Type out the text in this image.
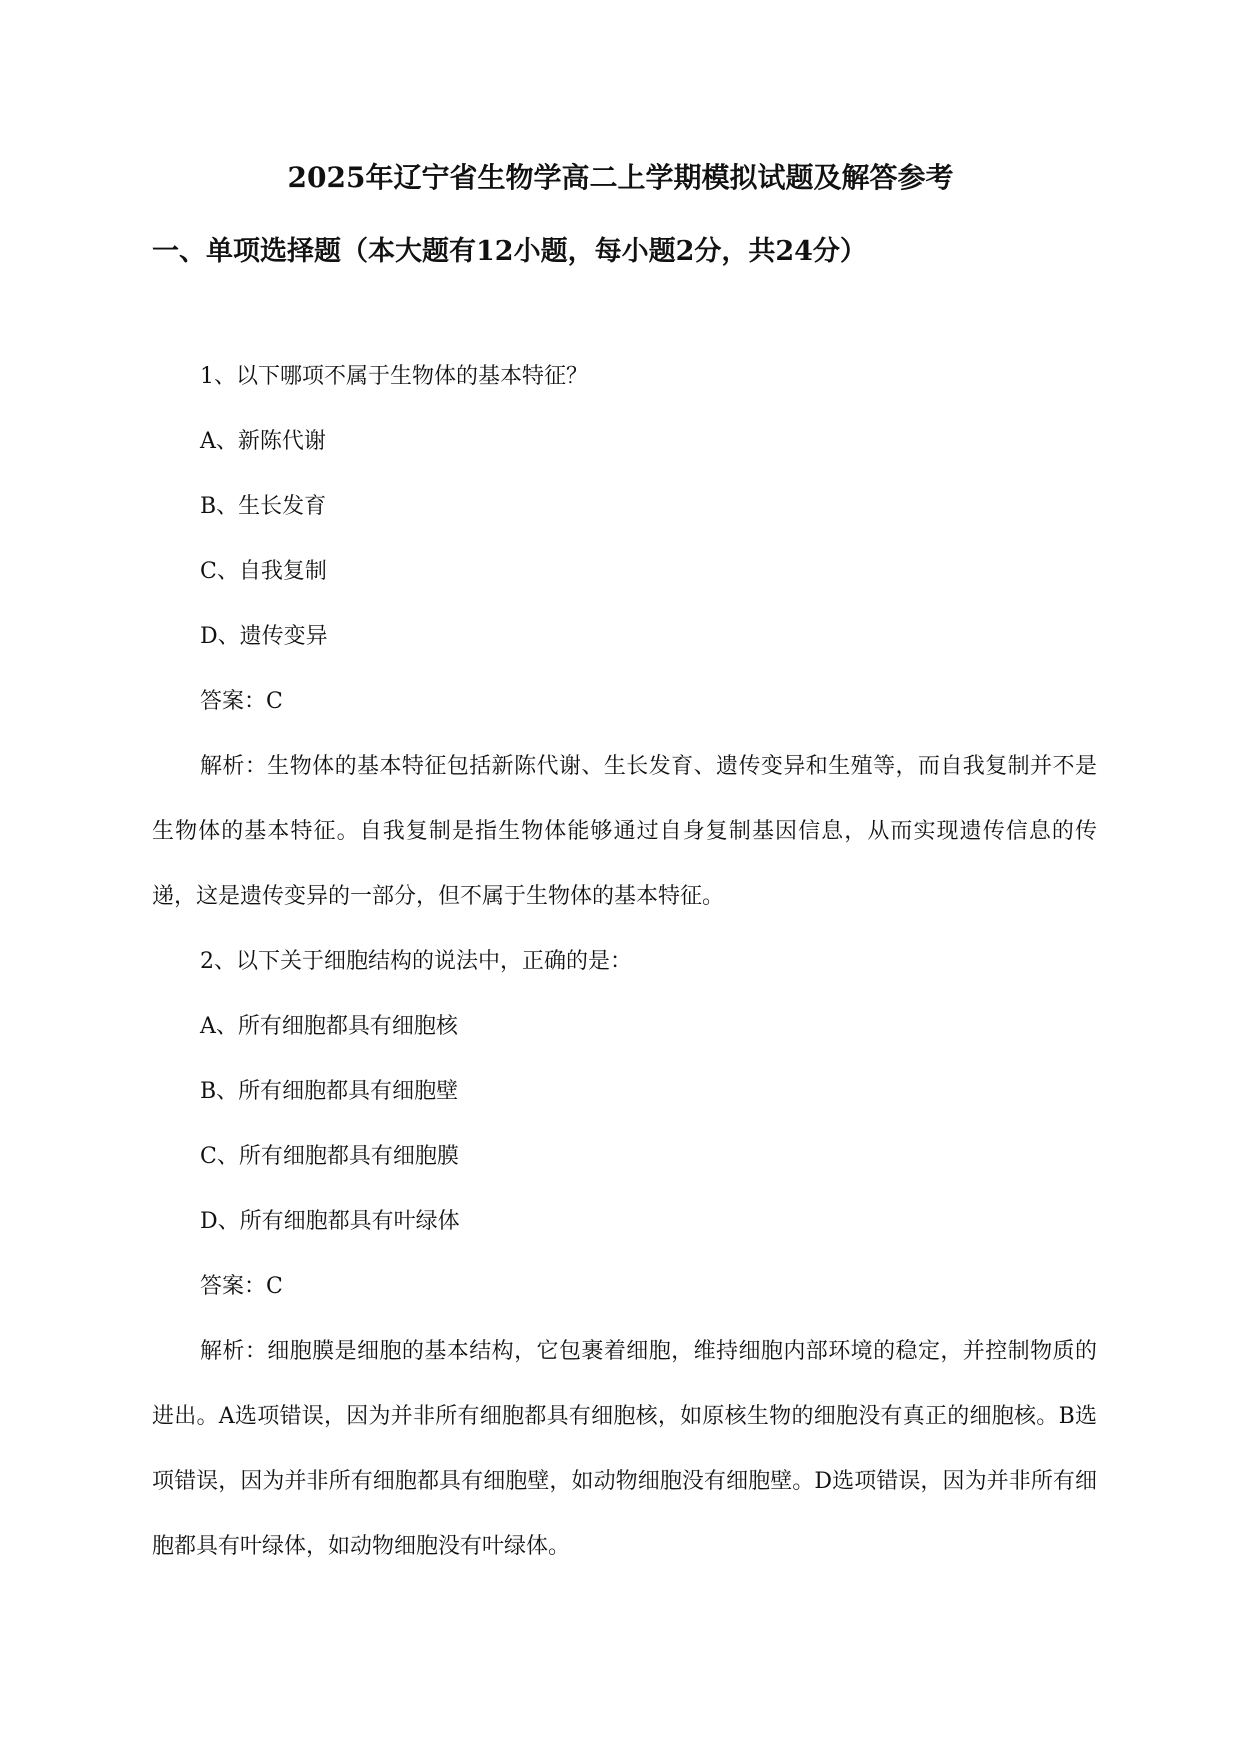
2025年辽宁省生物学高二上学期模拟试题及解答参考
一、单项选择题（本大题有12小题，每小题2分，共24分）

1、以下哪项不属于生物体的基本特征？

A、新陈代谢

B、生长发育

C、自我复制

D、遗传变异

答案：C

解析：生物体的基本特征包括新陈代谢、生长发育、遗传变异和生殖等，而自我复制并不是生物体的基本特征。自我复制是指生物体能够通过自身复制基因信息，从而实现遗传信息的传递，这是遗传变异的一部分，但不属于生物体的基本特征。

2、以下关于细胞结构的说法中，正确的是：

A、所有细胞都具有细胞核

B、所有细胞都具有细胞壁

C、所有细胞都具有细胞膜

D、所有细胞都具有叶绿体

答案：C

解析：细胞膜是细胞的基本结构，它包裹着细胞，维持细胞内部环境的稳定，并控制物质的进出。A选项错误，因为并非所有细胞都具有细胞核，如原核生物的细胞没有真正的细胞核。B选项错误，因为并非所有细胞都具有细胞壁，如动物细胞没有细胞壁。D选项错误，因为并非所有细胞都具有叶绿体，如动物细胞没有叶绿体。
